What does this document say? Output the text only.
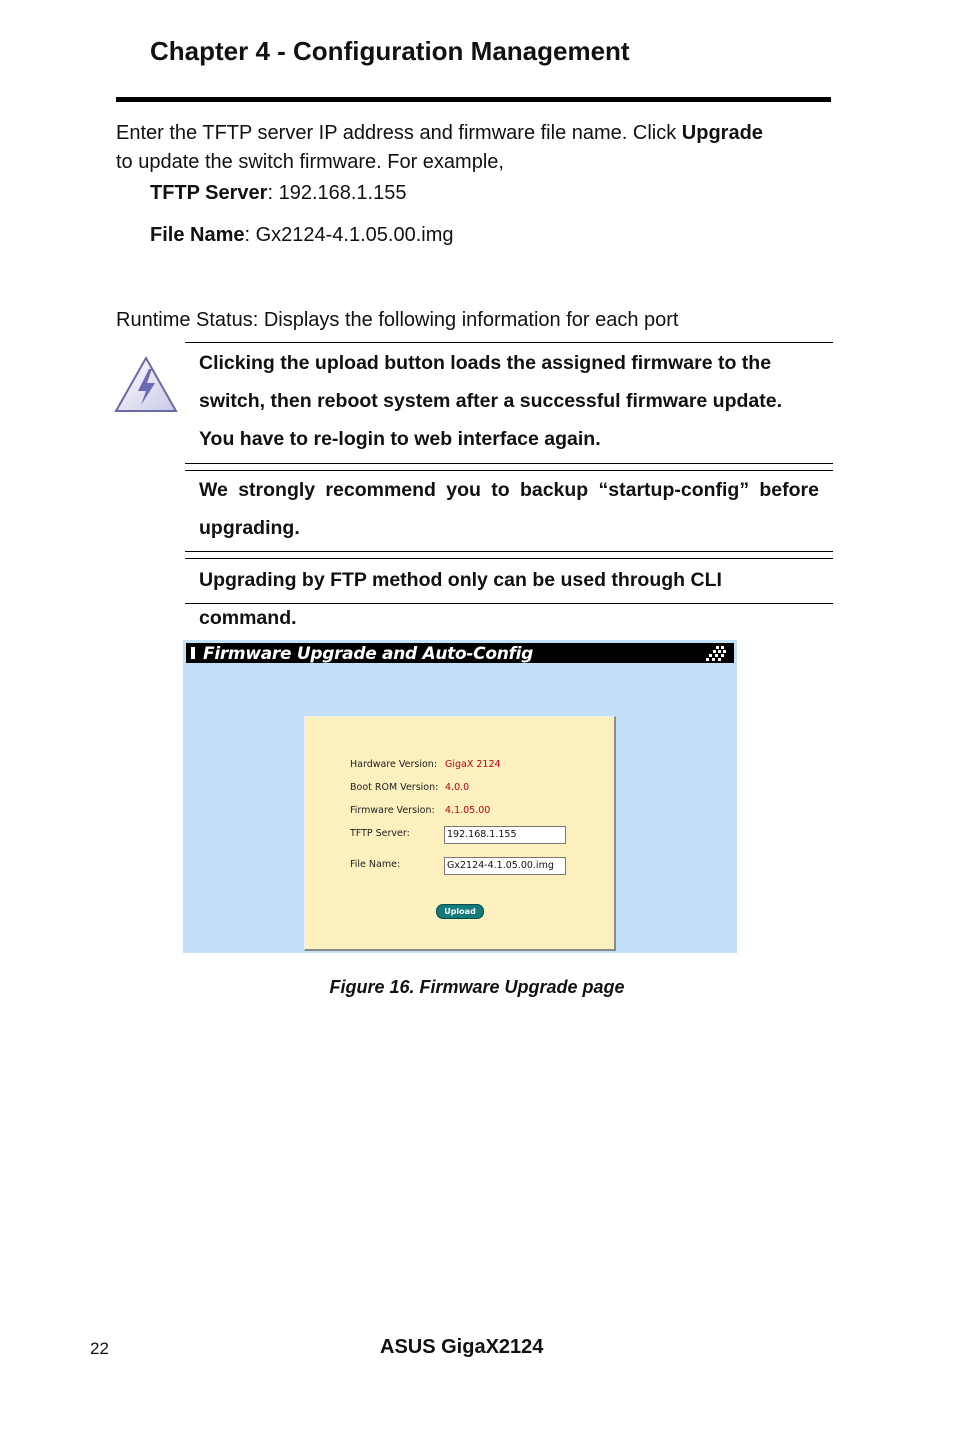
Chapter 4 - Configuration Management

Enter the TFTP server IP address and firmware file name. Click Upgrade
to update the switch firmware. For example,

TFTP Server: 192.168.1.155

File Name: Gx2124-4.1.05.00.img

Runtime Status: Displays the following information for each port

Clicking the upload button loads the assigned firmware to the switch, then reboot system after a successful firmware update. You have to re-login to web interface again.
We strongly recommend you to backup “startup-config” before upgrading.
Upgrading by FTP method only can be used through CLI command.
Firmware Upgrade and Auto-Config
Hardware Version: GigaX 2124
Boot ROM Version: 4.0.0
Firmware Version: 4.1.05.00
TFTP Server:	192.168.1.155
File Name:	Gx2124-4.1.05.00.img
Upload
Figure 16. Firmware Upgrade page
22	ASUS GigaX2124
